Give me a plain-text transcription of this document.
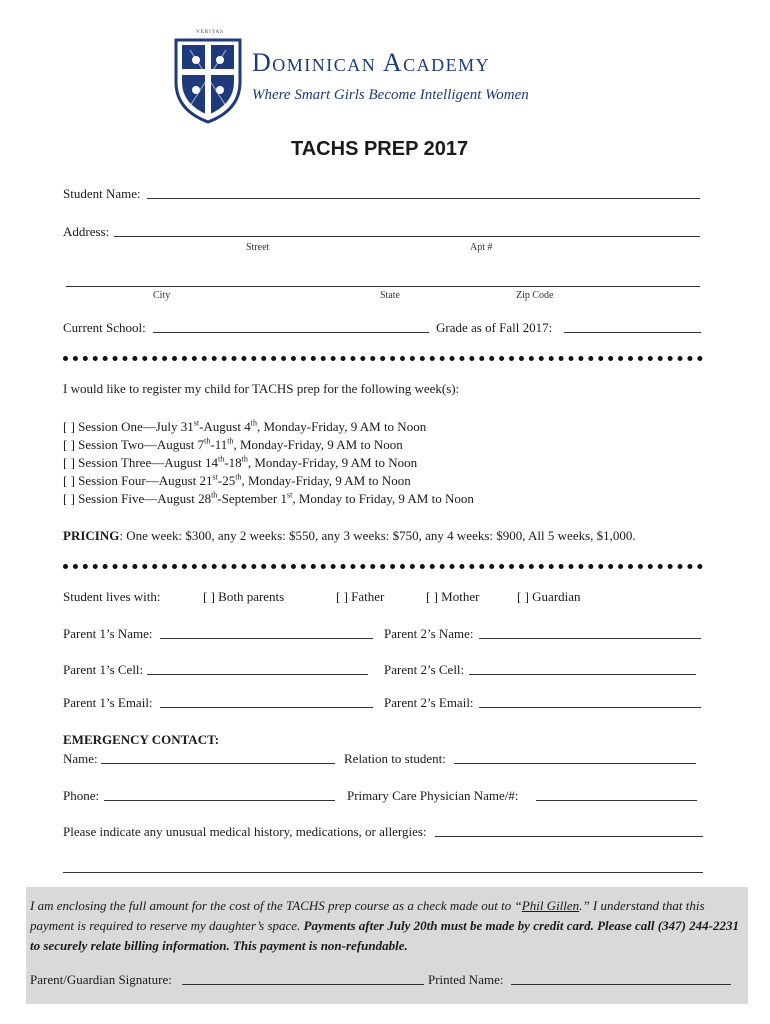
VERITAS
Dominican Academy
Where Smart Girls Become Intelligent Women
TACHS PREP 2017
Student Name:
Address:
Street	Apt #
City	State	Zip Code
Current School:	Grade as of Fall 2017:
I would like to register my child for TACHS prep for the following week(s):
[ ] Session One—July 31st-August 4th, Monday-Friday, 9 AM to Noon
[ ] Session Two—August 7th-11th, Monday-Friday, 9 AM to Noon
[ ] Session Three—August 14th-18th, Monday-Friday, 9 AM to Noon
[ ] Session Four—August 21st-25th, Monday-Friday, 9 AM to Noon
[ ] Session Five—August 28th-September 1st, Monday to Friday, 9 AM to Noon
PRICING: One week: $300, any 2 weeks: $550, any 3 weeks: $750, any 4 weeks: $900, All 5 weeks, $1,000.
Student lives with:	[ ] Both parents	[ ] Father	[ ] Mother	[ ] Guardian
Parent 1’s Name:	Parent 2’s Name:
Parent 1’s Cell:	Parent 2’s Cell:
Parent 1’s Email:	Parent 2’s Email:
EMERGENCY CONTACT:
Name:	Relation to student:
Phone:	Primary Care Physician Name/#:
Please indicate any unusual medical history, medications, or allergies:
I am enclosing the full amount for the cost of the TACHS prep course as a check made out to “Phil Gillen.” I understand that this payment is required to reserve my daughter’s space. Payments after July 20th must be made by credit card. Please call (347) 244-2231 to securely relate billing information. This payment is non-refundable.
Parent/Guardian Signature:	Printed Name:
